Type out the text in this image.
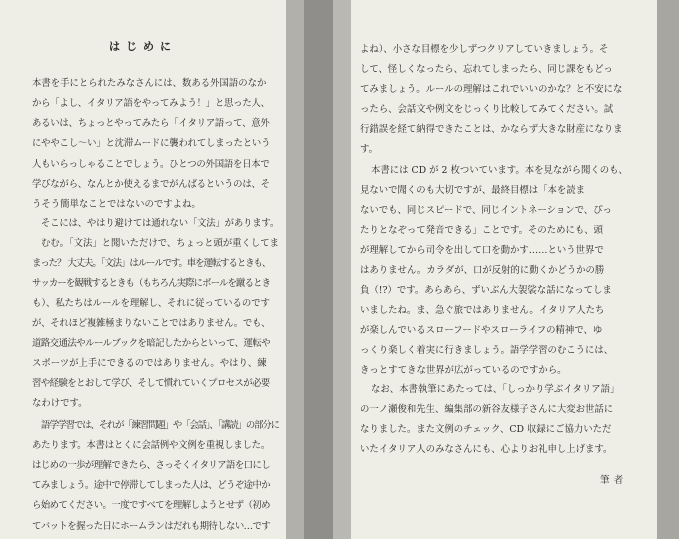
はじめに
本書を手にとられたみなさんには、数ある外国語のなか
から「よし、イタリア語をやってみよう！」と思った人、
あるいは、ちょっとやってみたら「イタリア語って、意外
にややこし～い」と沈滞ムードに襲われてしまったという
人もいらっしゃることでしょう。ひとつの外国語を日本で
学びながら、なんとか使えるまでがんばるというのは、そ
うそう簡単なことではないのですよね。
そこには、やはり避けては通れない「文法」があります。
むむ。「文法」と聞いただけで、ちょっと頭が重くしてま
まった？ 大丈夫。「文法」はルールです。車を運転するときも、
サッカーを観戦するときも（もちろん実際にボールを蹴るとき
も）、私たちはルールを理解し、それに従っているのです
が、それほど複雑極まりないことではありません。でも、
道路交通法やルールブックを暗記したからといって、運転や
スポーツが上手にできるのではありません。やはり、練
習や経験をとおして学び、そして慣れていくプロセスが必要
なわけです。
語学学習では、それが「練習問題」や「会話」、「講読」の部分に
あたります。本書はとくに会話例や文例を重視しました。
はじめの一歩が理解できたら、さっそくイタリア語を口にし
てみましょう。途中で停滞してしまった人は、どうぞ途中か
ら始めてください。一度ですべてを理解しようとせず（初め
てバットを握った日にホームランはだれも期待しない…です
よね）、小さな目標を少しずつクリアしていきましょう。そ
して、怪しくなったら、忘れてしまったら、同じ課をもどっ
てみましょう。ルールの理解はこれでいいのかな？と不安にな
ったら、会話文や例文をじっくり比較してみてください。試
行錯誤を経て納得できたことは、かならず大きな財産になりま
す。
本書には CD が 2 枚ついています。本を見ながら聞くのも、
見ないで聞くのも大切ですが、最終目標は「本を読ま
ないでも、同じスピードで、同じイントネーションで、ぴっ
たりとなぞって発音できる」ことです。そのためにも、頭
が理解してから司令を出して口を動かす……という世界で
はありません。カラダが、口が反射的に動くかどうかの勝
負（!?）です。あらあら、ずいぶん大袈裟な話になってしま
いましたね。ま、急ぐ旅ではありません。イタリア人たち
が楽しんでいるスローフードやスローライフの精神で、ゆ
っくり楽しく着実に行きましょう。語学学習のむこうには、
きっとすてきな世界が広がっているのですから。
なお、本書執筆にあたっては、「しっかり学ぶイタリア語」
の一ノ瀬俊和先生、編集部の新谷友様子さんに大変お世話に
なりました。また文例のチェック、CD 収録にご協力いただ
いたイタリア人のみなさんにも、心よりお礼申し上げます。
筆者
